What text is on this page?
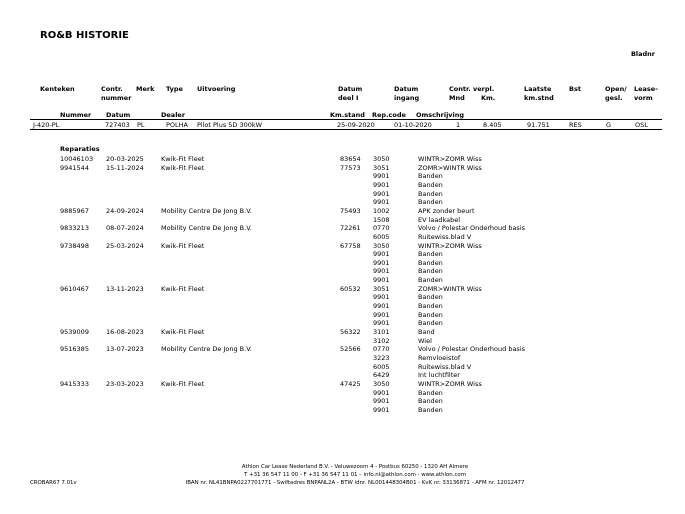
RO&B HISTORIE
Bladnr
Kenteken	Contr.
nummer
Merk Type Uitvoering	Datum
deel I
Datum
ingang
Contr. verpl.
Mnd	Km.
Laatste
km.stnd
Bst	Open/
gesl.
Lease-
vorm
Nummer Datum	Dealer	Km.stand Rep.code Omschrijving
J-420-PL	727403 PL	POLHA Pilot Plus 5D 300kW	25-09-2020	01-10-2020	1	8.405	91.751	RES	G	OSL
Reparaties
10046103 20-03-2025	Kwik-Fit Fleet	83654 3050	WINTR>ZOMR Wiss
9941544	15-11-2024	Kwik-Fit Fleet	77573 3051	ZOMR>WINTR Wiss
9901	Banden
9901	Banden
9901	Banden
9901	Banden
9885967	24-09-2024	Mobility Centre De Jong B.V.	75493 1002	APK zonder beurt
1508	EV laadkabel
9833213	08-07-2024	Mobility Centre De Jong B.V.	72261 0770	Volvo / Polestar Onderhoud basis
6005	Ruitewiss.blad V
9738498	25-03-2024	Kwik-Fit Fleet	67758 3050	WINTR>ZOMR Wiss
9901	Banden
9901	Banden
9901	Banden
9901	Banden
9610467	13-11-2023	Kwik-Fit Fleet	60532 3051	ZOMR>WINTR Wiss
9901	Banden
9901	Banden
9901	Banden
9901	Banden
9539009	16-08-2023	Kwik-Fit Fleet	56322 3101	Band
3102	Wiel
9516385	13-07-2023	Mobility Centre De Jong B.V.	52566 0770	Volvo / Polestar Onderhoud basis
3223	Remvloeistof
6005	Ruitewiss.blad V
6429	Int luchtfilter
9415333	23-03-2023	Kwik-Fit Fleet	47425 3050	WINTR>ZOMR Wiss
9901	Banden
9901	Banden
9901	Banden
Athlon Car Lease Nederland B.V. - Veluwezoom 4 - Postbus 60250 - 1320 AH Almere
T +31 36 547 11 00 - F +31 36 547 11 01 – info.nl@athlon.com - www.athlon.com
IBAN nr. NL41BNPA0227701771 - Swiftadres BNPANL2A - BTW idnr. NL001448304B01 - KvK nr. 33136871 - AFM nr. 12012477
CROBAR67 7.01v
